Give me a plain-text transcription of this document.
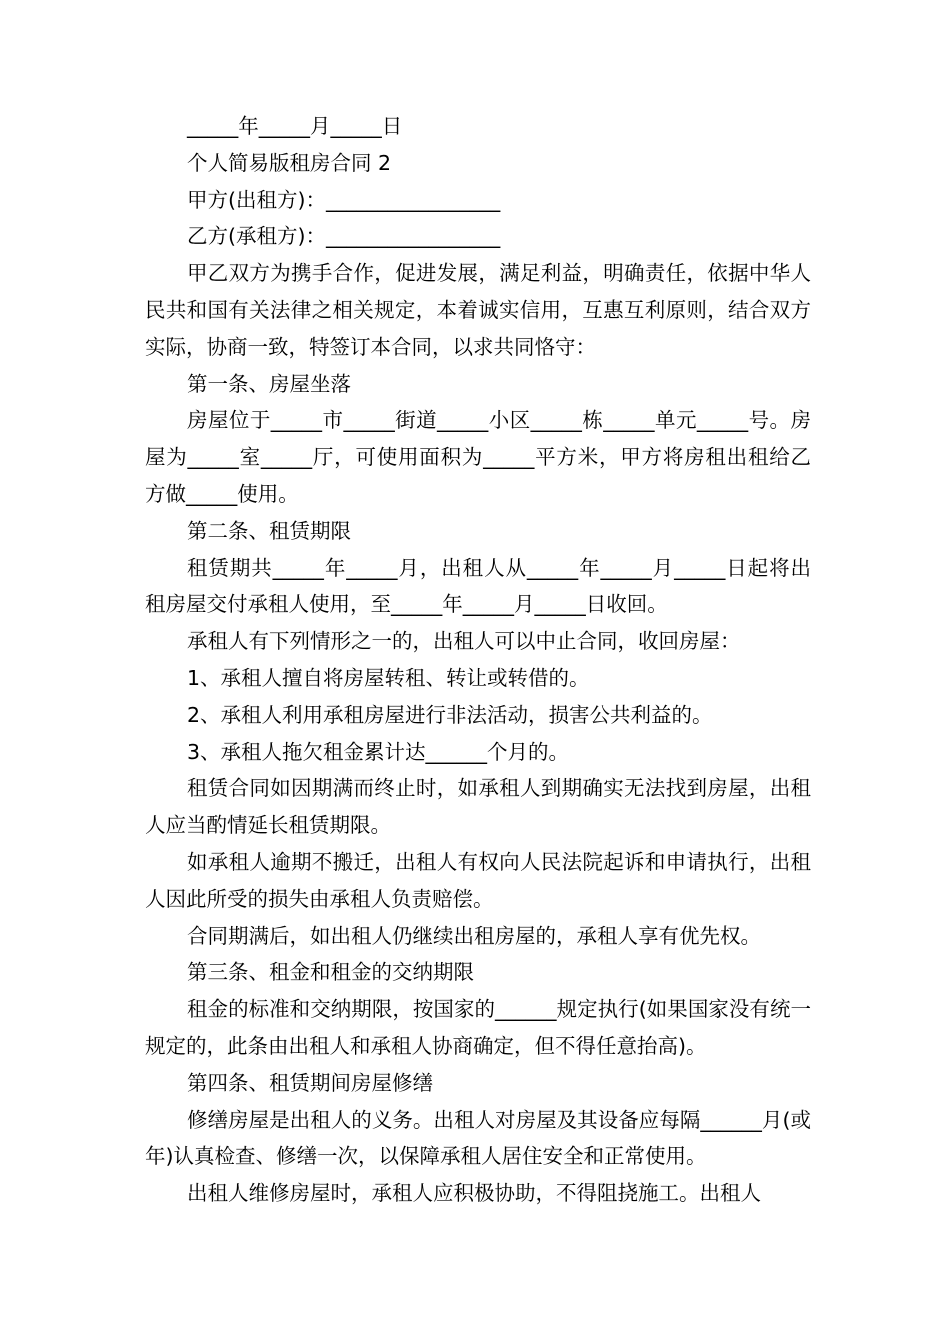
_____年_____月_____日

个人简易版租房合同 2

甲方(出租方)：_________________

乙方(承租方)：_________________

甲乙双方为携手合作，促进发展，满足利益，明确责任，依据中华人民共和国有关法律之相关规定，本着诚实信用，互惠互利原则，结合双方实际，协商一致，特签订本合同，以求共同恪守：

第一条、房屋坐落

房屋位于_____市_____街道_____小区_____栋_____单元_____号。房屋为_____室_____厅，可使用面积为_____平方米，甲方将房租出租给乙方做_____使用。

第二条、租赁期限

租赁期共_____年_____月，出租人从_____年_____月_____日起将出租房屋交付承租人使用，至_____年_____月_____日收回。

承租人有下列情形之一的，出租人可以中止合同，收回房屋：

1、承租人擅自将房屋转租、转让或转借的。

2、承租人利用承租房屋进行非法活动，损害公共利益的。

3、承租人拖欠租金累计达______个月的。

租赁合同如因期满而终止时，如承租人到期确实无法找到房屋，出租人应当酌情延长租赁期限。

如承租人逾期不搬迁，出租人有权向人民法院起诉和申请执行，出租人因此所受的损失由承租人负责赔偿。

合同期满后，如出租人仍继续出租房屋的，承租人享有优先权。

第三条、租金和租金的交纳期限

租金的标准和交纳期限，按国家的______规定执行(如果国家没有统一规定的，此条由出租人和承租人协商确定，但不得任意抬高)。

第四条、租赁期间房屋修缮

修缮房屋是出租人的义务。出租人对房屋及其设备应每隔______月(或年)认真检查、修缮一次，以保障承租人居住安全和正常使用。

出租人维修房屋时，承租人应积极协助，不得阻挠施工。出租人
